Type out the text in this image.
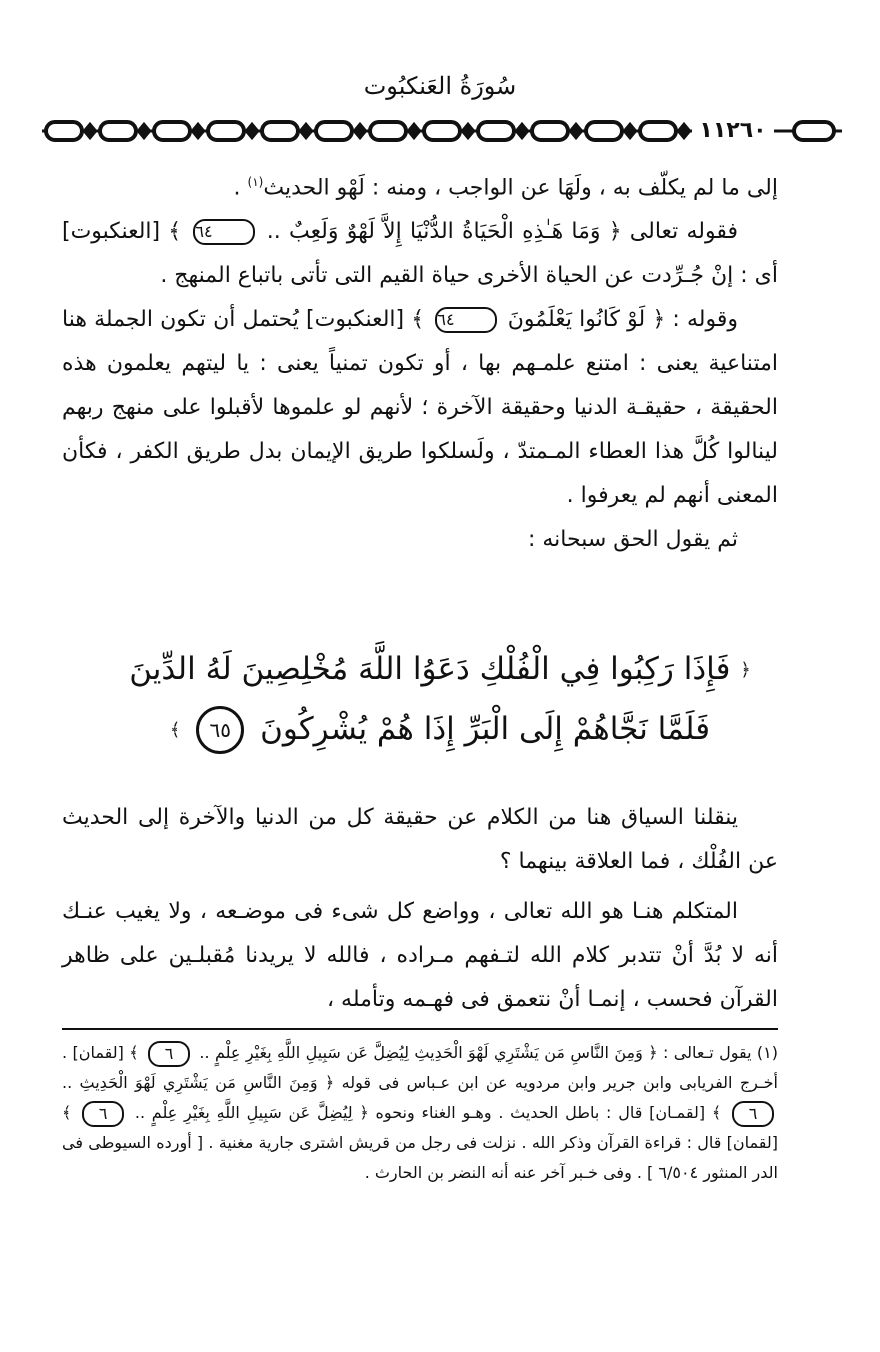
سُورَةُ العَنكبُوت
١١٢٦٠

إلى ما لم يكلّف به ، ولَهَا عن الواجب ، ومنه : لَهْو الحديث$^{(١)}$ .

فقوله تعالى ﴿ وَمَا هَـٰذِهِ الْحَيَاةُ الدُّنْيَا إِلاَّ لَهْوٌ وَلَعِبٌ .. ٦٤ ﴾ [العنكبوت] أى : إنْ جُـرِّدت عن الحياة الأخرى حياة القيم التى تأتى باتباع المنهج .

وقوله : ﴿ لَوْ كَانُوا يَعْلَمُونَ ٦٤ ﴾ [العنكبوت] يُحتمل أن تكون الجملة هنا امتناعية يعنى : امتنع علمـهم بها ، أو تكون تمنياً يعنى : يا ليتهم يعلمون هذه الحقيقة ، حقيقـة الدنيا وحقيقة الآخرة ؛ لأنهم لو علموها لأقبلوا على منهج ربهم لينالوا كُلَّ هذا العطاء المـمتدّ ، ولَسلكوا طريق الإيمان بدل طريق الكفر ، فكأن المعنى أنهم لم يعرفوا .

ثم يقول الحق سبحانه :

﴿ فَإِذَا رَكِبُوا فِي الْفُلْكِ دَعَوُا اللَّهَ مُخْلِصِينَ لَهُ الدِّينَ
فَلَمَّا نَجَّاهُمْ إِلَى الْبَرِّ إِذَا هُمْ يُشْرِكُونَ ٦٥ ﴾

ينقلنا السياق هنا من الكلام عن حقيقة كل من الدنيا والآخرة إلى الحديث عن الفُلْك ، فما العلاقة بينهما ؟

المتكلم هنـا هو الله تعالى ، وواضع كل شىء فى موضـعه ، ولا يغيب عنـك أنه لا بُدَّ أنْ تتدبر كلام الله لتـفهم مـراده ، فالله لا يريدنا مُقبلـين على ظاهر القرآن فحسب ، إنمـا أنْ نتعمق فى فهـمه وتأمله ،

(١) يقول تـعالى : ﴿ وَمِنَ النَّاسِ مَن يَشْتَرِي لَهْوَ الْحَدِيثِ لِيُضِلَّ عَن سَبِيلِ اللَّهِ بِغَيْرِ عِلْمٍ .. ٦ ﴾ [لقمان] . أخـرج الفريابى وابن جرير وابن مردويه عن ابن عـباس فى قوله ﴿ وَمِنَ النَّاسِ مَن يَشْتَرِي لَهْوَ الْحَدِيثِ .. ٦ ﴾ [لقمـان] قال : باطل الحديث . وهـو الغناء ونحوه ﴿ لِيُضِلَّ عَن سَبِيلِ اللَّهِ بِغَيْرِ عِلْمٍ .. ٦ ﴾ [لقمان] قال : قراءة القرآن وذكر الله . نزلت فى رجل من قريش اشترى جارية مغنية . [ أورده السيوطى فى الدر المنثور ٦/٥٠٤ ] . وفى خـبر آخر عنه أنه النضر بن الحارث .
